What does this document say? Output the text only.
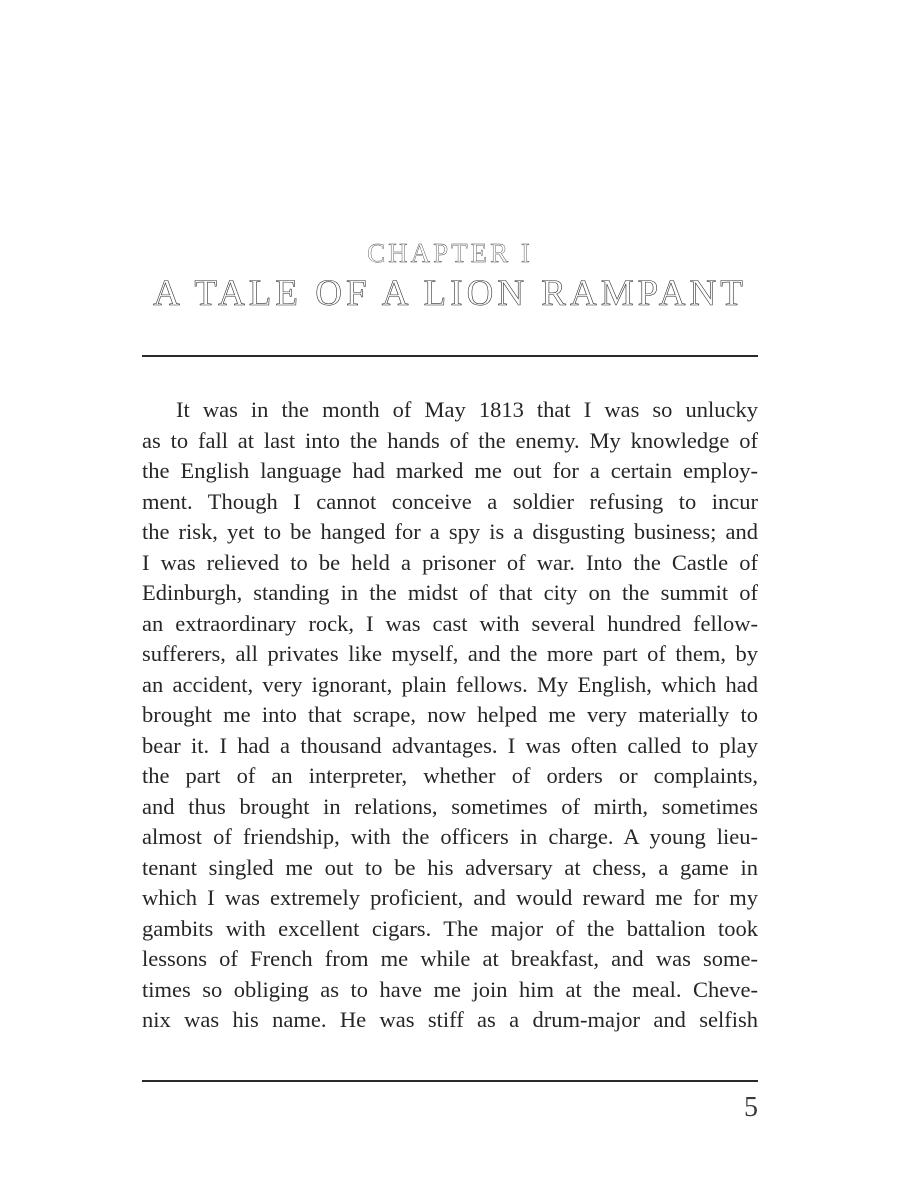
CHAPTER I
A TALE OF A LION RAMPANT
It was in the month of May 1813 that I was so unlucky
as to fall at last into the hands of the enemy. My knowledge of
the English language had marked me out for a certain employ-
ment. Though I cannot conceive a soldier refusing to incur
the risk, yet to be hanged for a spy is a disgusting business; and
I was relieved to be held a prisoner of war. Into the Castle of
Edinburgh, standing in the midst of that city on the summit of
an extraordinary rock, I was cast with several hundred fellow-
sufferers, all privates like myself, and the more part of them, by
an accident, very ignorant, plain fellows. My English, which had
brought me into that scrape, now helped me very materially to
bear it. I had a thousand advantages. I was often called to play
the part of an interpreter, whether of orders or complaints,
and thus brought in relations, sometimes of mirth, sometimes
almost of friendship, with the officers in charge. A young lieu-
tenant singled me out to be his adversary at chess, a game in
which I was extremely proficient, and would reward me for my
gambits with excellent cigars. The major of the battalion took
lessons of French from me while at breakfast, and was some-
times so obliging as to have me join him at the meal. Cheve-
nix was his name. He was stiff as a drum-major and selfish
5
